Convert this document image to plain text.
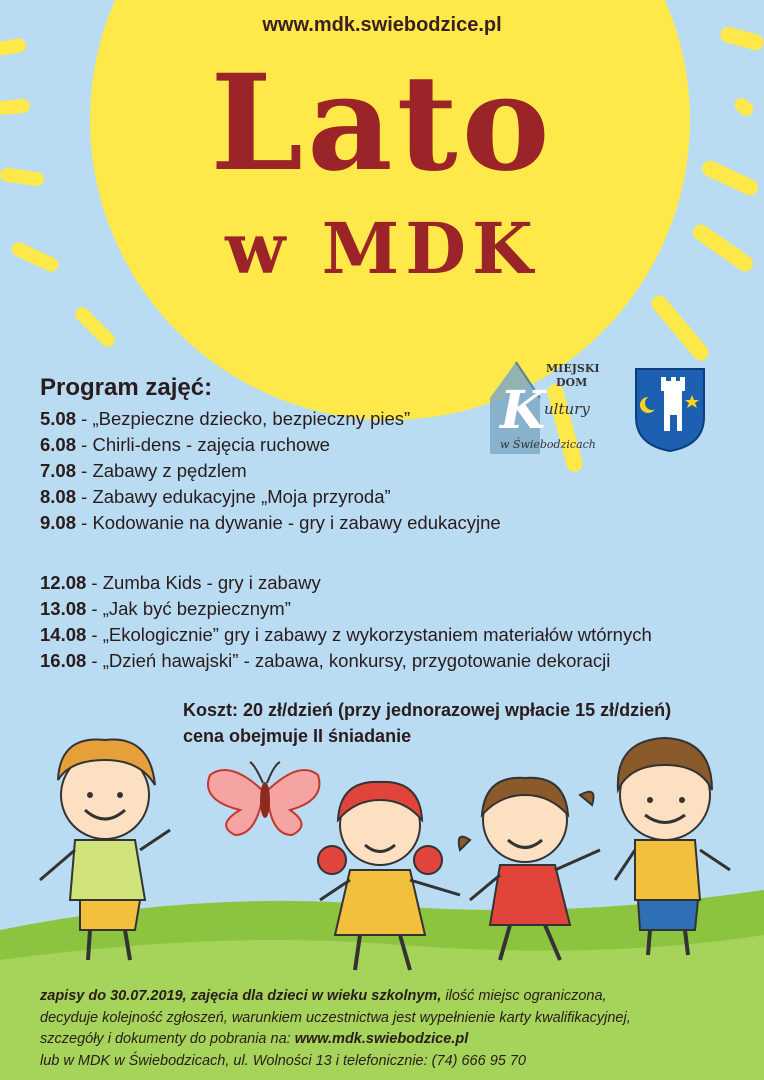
www.mdk.swiebodzice.pl
Lato
w MDK
MIEJSKI
DOM
K
ultury
w Świebodzicach
Program zajęć:
5.08 - „Bezpieczne dziecko, bezpieczny pies”
6.08 - Chirli-dens - zajęcia ruchowe
7.08 - Zabawy z pędzlem
8.08 - Zabawy edukacyjne „Moja przyroda”
9.08 - Kodowanie na dywanie - gry i zabawy edukacyjne
12.08 - Zumba Kids - gry i zabawy
13.08 - „Jak być bezpiecznym”
14.08 - „Ekologicznie” gry i zabawy z wykorzystaniem materiałów wtórnych
16.08 - „Dzień hawajski” - zabawa, konkursy, przygotowanie dekoracji
Koszt: 20 zł/dzień (przy jednorazowej wpłacie 15 zł/dzień)
cena obejmuje II śniadanie
zapisy do 30.07.2019, zajęcia dla dzieci w wieku szkolnym, ilość miejsc ograniczona,
decyduje kolejność zgłoszeń, warunkiem uczestnictwa jest wypełnienie karty kwalifikacyjnej,
szczegóły i dokumenty do pobrania na: www.mdk.swiebodzice.pl
lub w MDK w Świebodzicach, ul. Wolności 13 i telefonicznie: (74) 666 95 70
